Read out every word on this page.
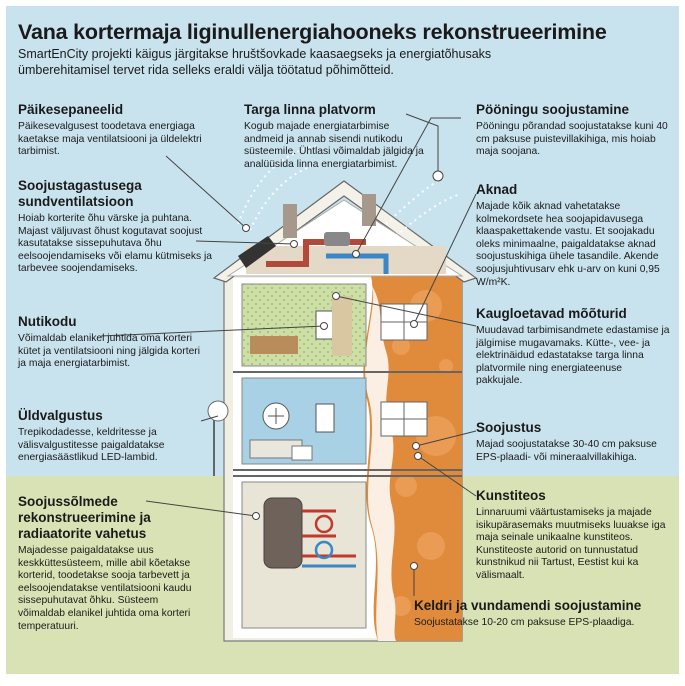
Vana kortermaja liginullenergiahooneks rekonstrueerimine

SmartEnCity projekti käigus järgitakse hruštšovkade kaasaegseks ja energiatõhusaks ümberehitamisel tervet rida selleks eraldi välja töötatud põhimõtteid.

Päikesepaneelid
Päikesevalgusest toodetava energiaga kaetakse maja ventilatsiooni ja üldelektri tarbimist.
Soojustagastusega sundventilatsioon
Hoiab korterite õhu värske ja puhtana. Majast väljuvast õhust kogutavat soojust kasutatakse sissepuhutava õhu eelsoojendamiseks või elamu kütmiseks ja tarbevee soojendamiseks.
Nutikodu
Võimaldab elanikel juhtida oma korteri kütet ja ventilatsiooni ning jälgida korteri ja maja energiatarbimist.
Üldvalgustus
Trepikodadesse, keldritesse ja välisvalgustitesse paigaldatakse energiasäästlikud LED-lambid.
Soojussõlmede rekonstrueerimine ja radiaatorite vahetus
Majadesse paigaldatakse uus keskküttesüsteem, mille abil kõetakse korterid, toodetakse sooja tarbevett ja eelsoojendatakse ventilatsiooni kaudu sissepuhutavat õhku. Süsteem võimaldab elanikel juhtida oma korteri temperatuuri.
Targa linna platvorm
Kogub majade energiatarbimise andmeid ja annab sisendi nutikodu süsteemile. Ühtlasi võimaldab jälgida ja analüüsida linna energiatarbimist.
Pööningu soojustamine
Pööningu põrandad soojustatakse kuni 40 cm paksuse puistevillakihiga, mis hoiab maja soojana.
Aknad
Majade kõik aknad vahetatakse kolmekordsete hea soojapidavusega klaaspakettakende vastu. Et soojakadu oleks minimaalne, paigaldatakse aknad soojustuskihiga ühele tasandile. Akende soojusjuhtivusarv ehk u-arv on kuni 0,95 W/m²K.
Kaugloetavad mõõturid
Muudavad tarbimisandmete edastamise ja jälgimise mugavamaks. Kütte-, vee- ja elektrinäidud edastatakse targa linna platvormile ning energiateenuse pakkujale.
Soojustus
Majad soojustatakse 30-40 cm paksuse EPS-plaadi- või mineraalvillakihiga.
Kunstiteos
Linnaruumi väärtustamiseks ja majade isikupärasemaks muutmiseks luuakse iga maja seinale unikaalne kunstiteos. Kunstiteoste autorid on tunnustatud kunstnikud nii Tartust, Eestist kui ka välismaalt.
Keldri ja vundamendi soojustamine
Soojustatakse 10-20 cm paksuse EPS-plaadiga.
